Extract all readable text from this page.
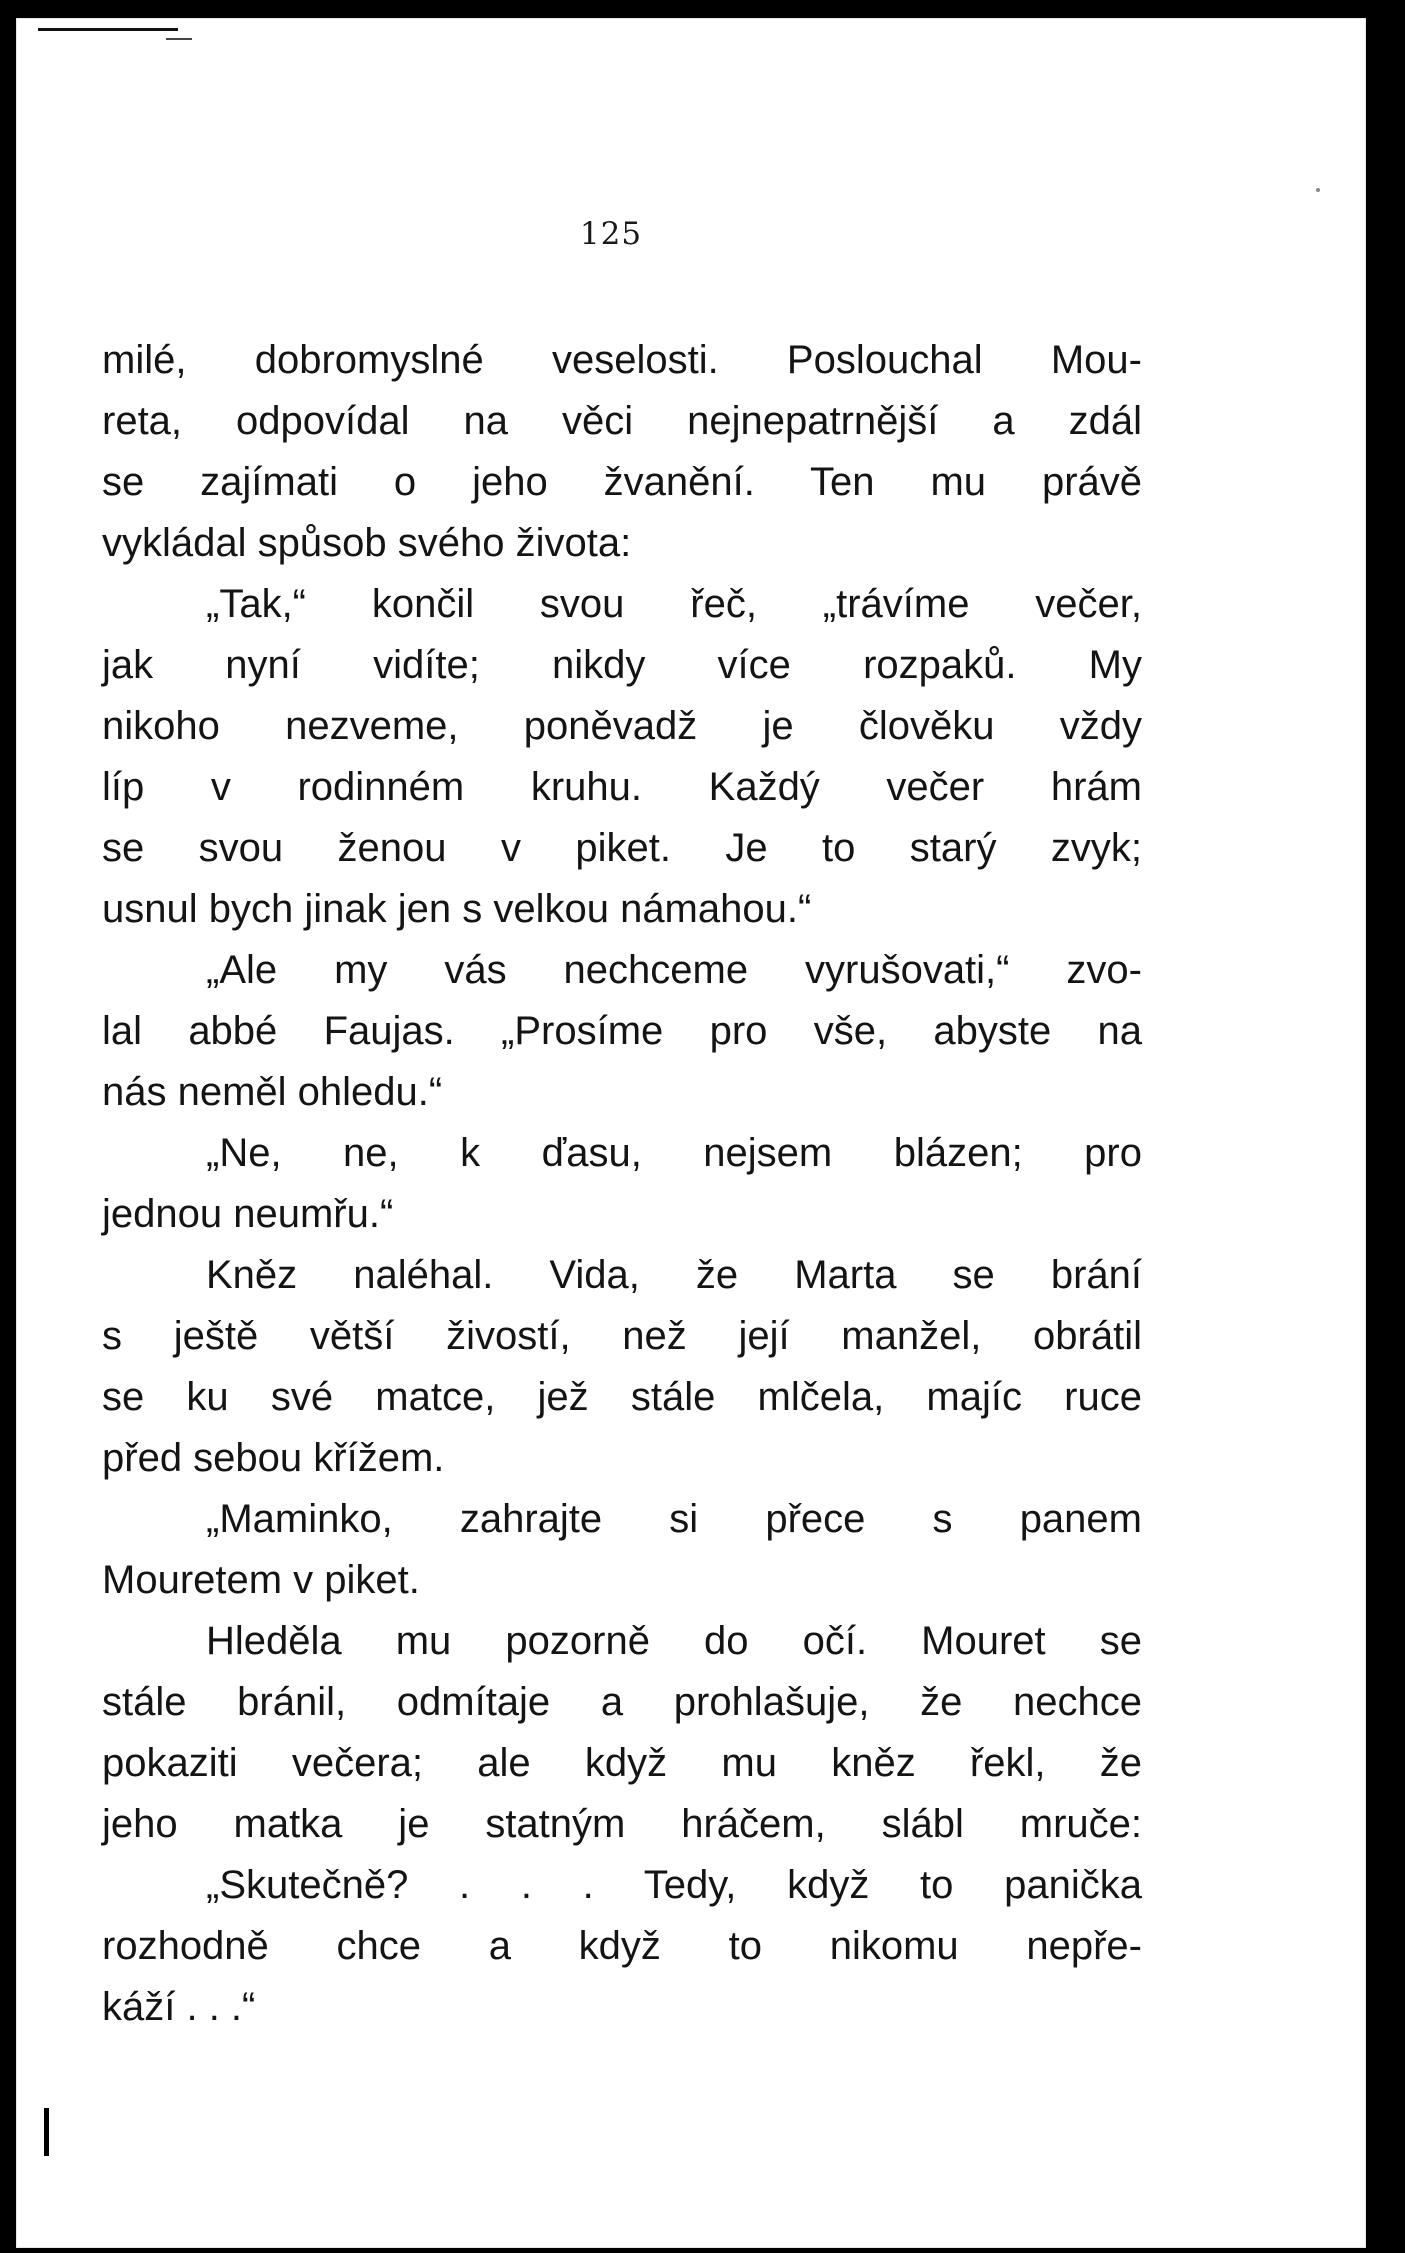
125
milé, dobromyslné veselosti. Poslouchal Mou-
reta, odpovídal na věci nejnepatrnější a zdál
se zajímati o jeho žvanění. Ten mu právě
vykládal spůsob svého života:
„Tak,“ končil svou řeč, „trávíme večer,
jak nyní vidíte; nikdy více rozpaků. My
nikoho nezveme, poněvadž je člověku vždy
líp v rodinném kruhu. Každý večer hrám
se svou ženou v piket. Je to starý zvyk;
usnul bych jinak jen s velkou námahou.“
„Ale my vás nechceme vyrušovati,“ zvo-
lal abbé Faujas. „Prosíme pro vše, abyste na
nás neměl ohledu.“
„Ne, ne, k ďasu, nejsem blázen; pro
jednou neumřu.“
Kněz naléhal. Vida, že Marta se brání
s ještě větší živostí, než její manžel, obrátil
se ku své matce, jež stále mlčela, majíc ruce
před sebou křížem.
„Maminko, zahrajte si přece s panem
Mouretem v piket.
Hleděla mu pozorně do očí. Mouret se
stále bránil, odmítaje a prohlašuje, že nechce
pokaziti večera; ale když mu kněz řekl, že
jeho matka je statným hráčem, slábl mruče:
„Skutečně? . . . Tedy, když to panička
rozhodně chce a když to nikomu nepře-
káží . . .“
